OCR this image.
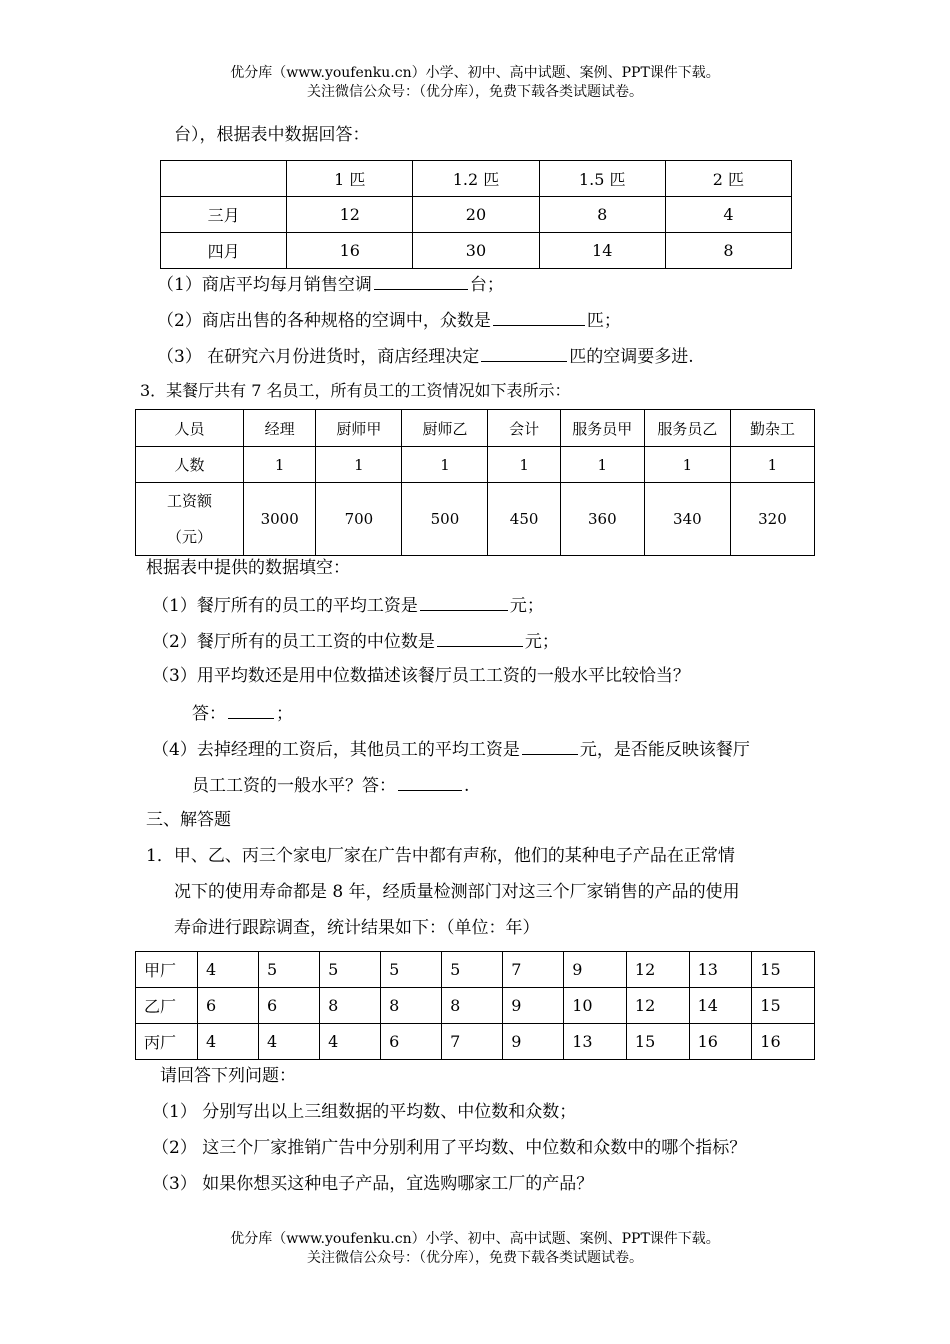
优分库（www.youfenku.cn）小学、初中、高中试题、案例、PPT课件下载。
关注微信公众号：（优分库），免费下载各类试题试卷。
台），根据表中数据回答：
	1 匹	1.2 匹	1.5 匹	2 匹
三月	12	20	8	4
四月	16	30	14	8
（1）商店平均每月销售空调	台；
（2）商店出售的各种规格的空调中，众数是	匹；
（3） 在研究六月份进货时，商店经理决定	匹的空调要多进.
3．某餐厅共有 7 名员工，所有员工的工资情况如下表所示：
人员	经理	厨师甲	厨师乙	会计	服务员甲	服务员乙	勤杂工
人数	1	1	1	1	1	1	1

工资额
（元）	3000	700	500	450	360	340	320
根据表中提供的数据填空：
（1）餐厅所有的员工的平均工资是	元；
（2）餐厅所有的员工工资的中位数是	元；
（3）用平均数还是用中位数描述该餐厅员工工资的一般水平比较恰当？
答：	；
（4）去掉经理的工资后，其他员工的平均工资是	元，是否能反映该餐厅
员工工资的一般水平？答：	.
三、解答题
1．甲、乙、丙三个家电厂家在广告中都有声称，他们的某种电子产品在正常情
况下的使用寿命都是 8 年，经质量检测部门对这三个厂家销售的产品的使用
寿命进行跟踪调查，统计结果如下：（单位：年）
甲厂	4	5	5	5	5	7	9	12	13	15
乙厂	6	6	8	8	8	9	10	12	14	15
丙厂	4	4	4	6	7	9	13	15	16	16
请回答下列问题：
（1） 分别写出以上三组数据的平均数、中位数和众数；
（2） 这三个厂家推销广告中分别利用了平均数、中位数和众数中的哪个指标？
（3） 如果你想买这种电子产品，宜选购哪家工厂的产品？
优分库（www.youfenku.cn）小学、初中、高中试题、案例、PPT课件下载。
关注微信公众号：（优分库），免费下载各类试题试卷。
